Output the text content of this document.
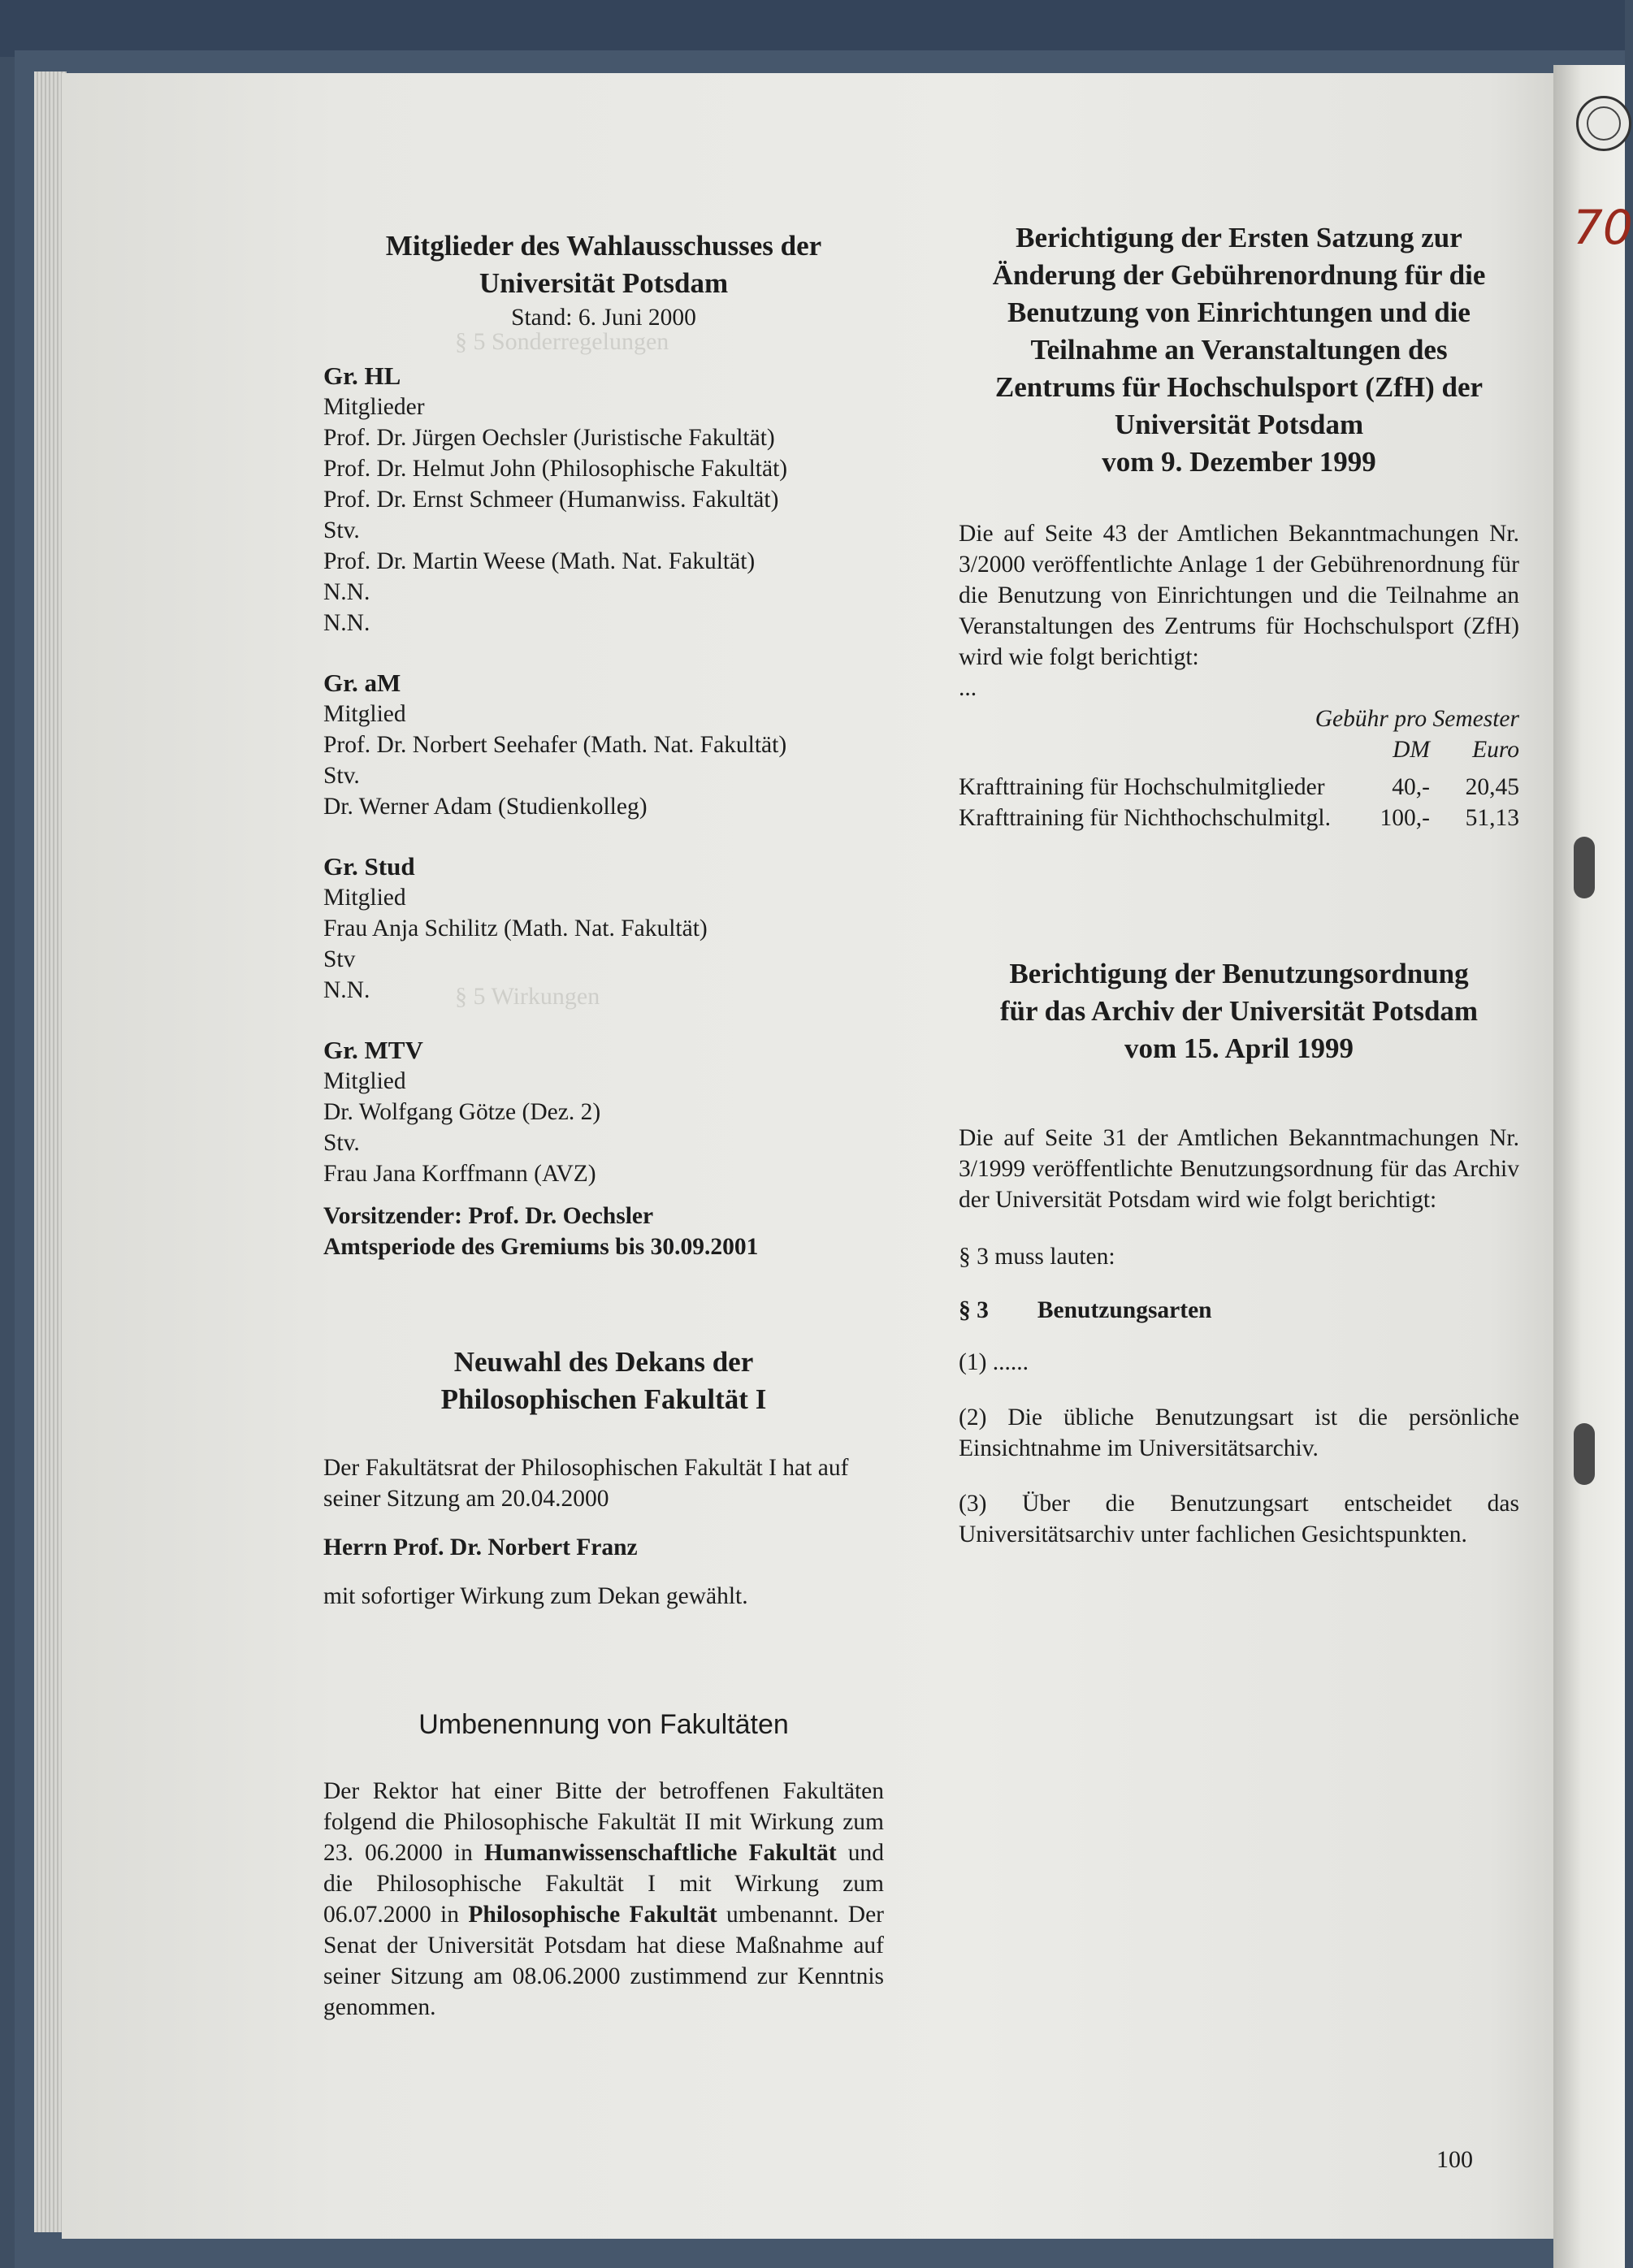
70
§ 5 Sonderregelungen
§ 5 Wirkungen

Mitglieder des Wahlausschusses der

Universität Potsdam

Stand: 6. Juni 2000

Gr. HL

Mitglieder

Prof. Dr. Jürgen Oechsler (Juristische Fakultät)

Prof. Dr. Helmut John (Philosophische Fakultät)

Prof. Dr. Ernst Schmeer (Humanwiss. Fakultät)

Stv.

Prof. Dr. Martin Weese (Math. Nat. Fakultät)

N.N.

N.N.

Gr. aM

Mitglied

Prof. Dr. Norbert Seehafer (Math. Nat. Fakultät)

Stv.

Dr. Werner Adam (Studienkolleg)

Gr. Stud

Mitglied

Frau Anja Schilitz (Math. Nat. Fakultät)

Stv

N.N.

Gr. MTV

Mitglied

Dr. Wolfgang Götze (Dez. 2)

Stv.

Frau Jana Korffmann (AVZ)

Vorsitzender: Prof. Dr. Oechsler

Amtsperiode des Gremiums bis 30.09.2001

Neuwahl des Dekans der

Philosophischen Fakultät I

Der Fakultätsrat der Philosophischen Fakultät I hat auf seiner Sitzung am 20.04.2000

Herrn Prof. Dr. Norbert Franz

mit sofortiger Wirkung zum Dekan gewählt.

Umbenennung von Fakultäten

Der Rektor hat einer Bitte der betroffenen Fakultäten folgend die Philosophische Fakultät II mit Wirkung zum 23. 06.2000 in Humanwissenschaftliche Fakultät und die Philosophische Fakultät I mit Wirkung zum 06.07.2000 in Philosophische Fakultät umbenannt. Der Senat der Universität Potsdam hat diese Maßnahme auf seiner Sitzung am 08.06.2000 zustimmend zur Kenntnis genommen.

Berichtigung der Ersten Satzung zur

Änderung der Gebührenordnung für die

Benutzung von Einrichtungen und die

Teilnahme an Veranstaltungen des

Zentrums für Hochschulsport (ZfH) der

Universität Potsdam

vom 9. Dezember 1999

Die auf Seite 43 der Amtlichen Bekanntmachungen Nr. 3/2000 veröffentlichte Anlage 1 der Gebührenordnung für die Benutzung von Einrichtungen und die Teilnahme an Veranstaltungen des Zentrums für Hochschulsport (ZfH) wird wie folgt berichtigt:

...

Gebühr pro Semester

DM	Euro
Krafttraining für Hochschulmitglieder	40,-	20,45
Krafttraining für Nichthochschulmitgl.	100,-	51,13

Berichtigung der Benutzungsordnung

für das Archiv der Universität Potsdam

vom 15. April 1999

Die auf Seite 31 der Amtlichen Bekanntmachungen Nr. 3/1999 veröffentlichte Benutzungsordnung für das Archiv der Universität Potsdam wird wie folgt berichtigt:

§ 3 muss lauten:

§ 3 Benutzungsarten

(1) ......

(2) Die übliche Benutzungsart ist die persönliche Einsichtnahme im Universitätsarchiv.

(3) Über die Benutzungsart entscheidet das Universitätsarchiv unter fachlichen Gesichtspunkten.

100
